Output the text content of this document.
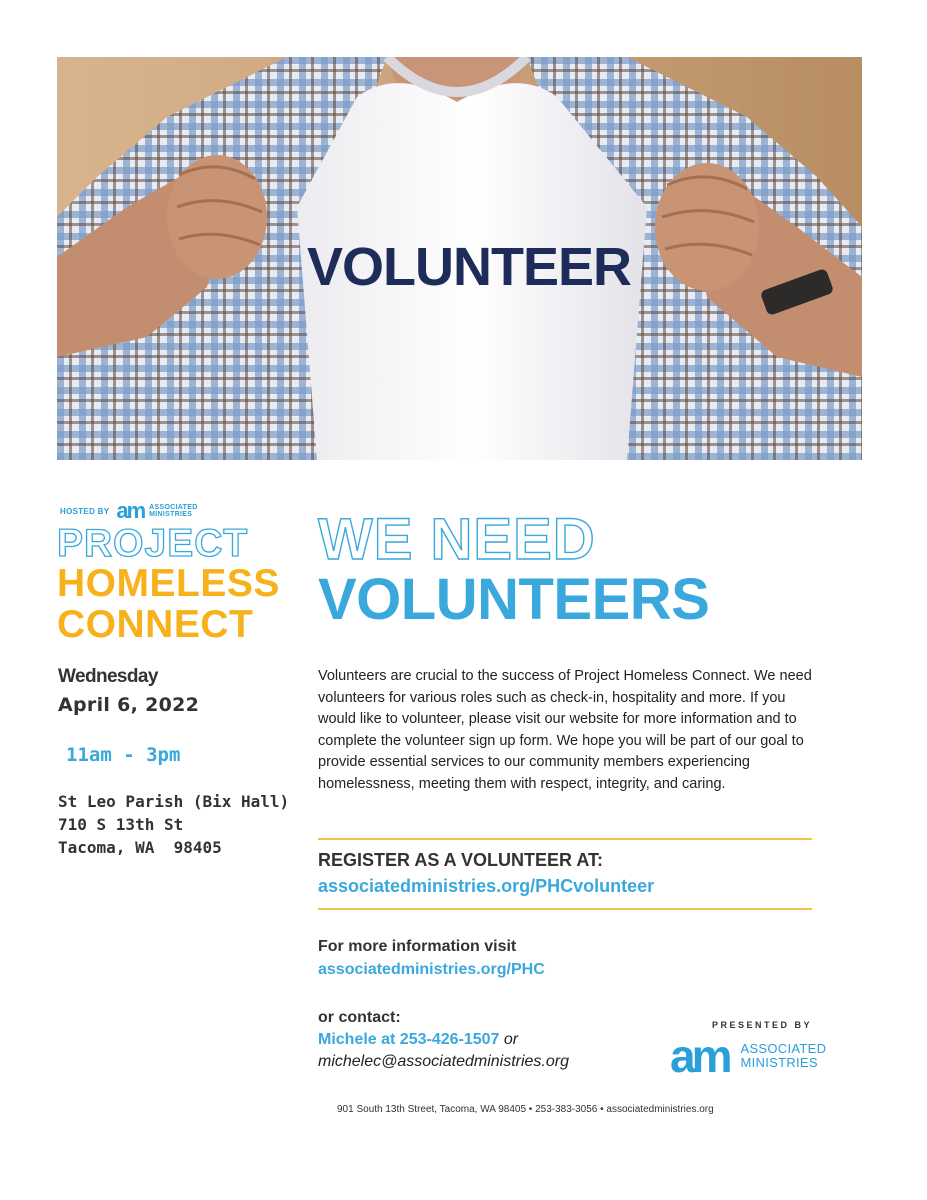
VOLUNTEER
HOSTED BY am ASSOCIATED
MINISTRIES
PROJECT
HOMELESS
CONNECT
Wednesday
April 6, 2022
11am - 3pm
St Leo Parish (Bix Hall)
710 S 13th St
Tacoma, WA  98405
WE NEED
VOLUNTEERS
Volunteers are crucial to the success of Project Homeless Connect. We need volunteers for various roles such as check-in, hospitality and more. If you would like to volunteer, please visit our website for more information and to complete the volunteer sign up form. We hope you will be part of our goal to provide essential services to our community members experiencing homelessness, meeting them with respect, integrity, and caring.
REGISTER AS A VOLUNTEER AT:
associatedministries.org/PHCvolunteer
For more information visit
associatedministries.org/PHC
or contact:
Michele at 253-426-1507 or
michelec@associatedministries.org
PRESENTED BY
am ASSOCIATED
MINISTRIES
901 South 13th Street, Tacoma, WA 98405 • 253-383-3056 • associatedministries.org
